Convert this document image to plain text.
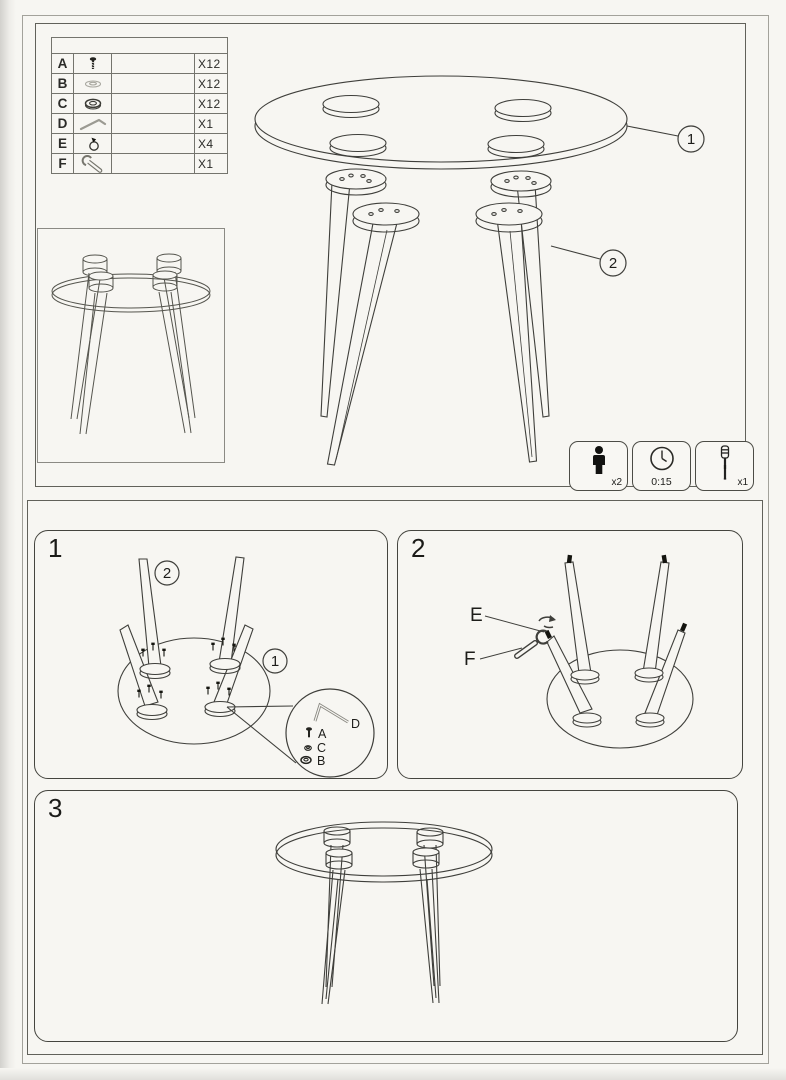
A	X12
B	X12
C	X12
D	X1
E	X4
F	X1
1
2
x2	0:15	x1
1
2
1
D
A
C
B
2
E
F
3
